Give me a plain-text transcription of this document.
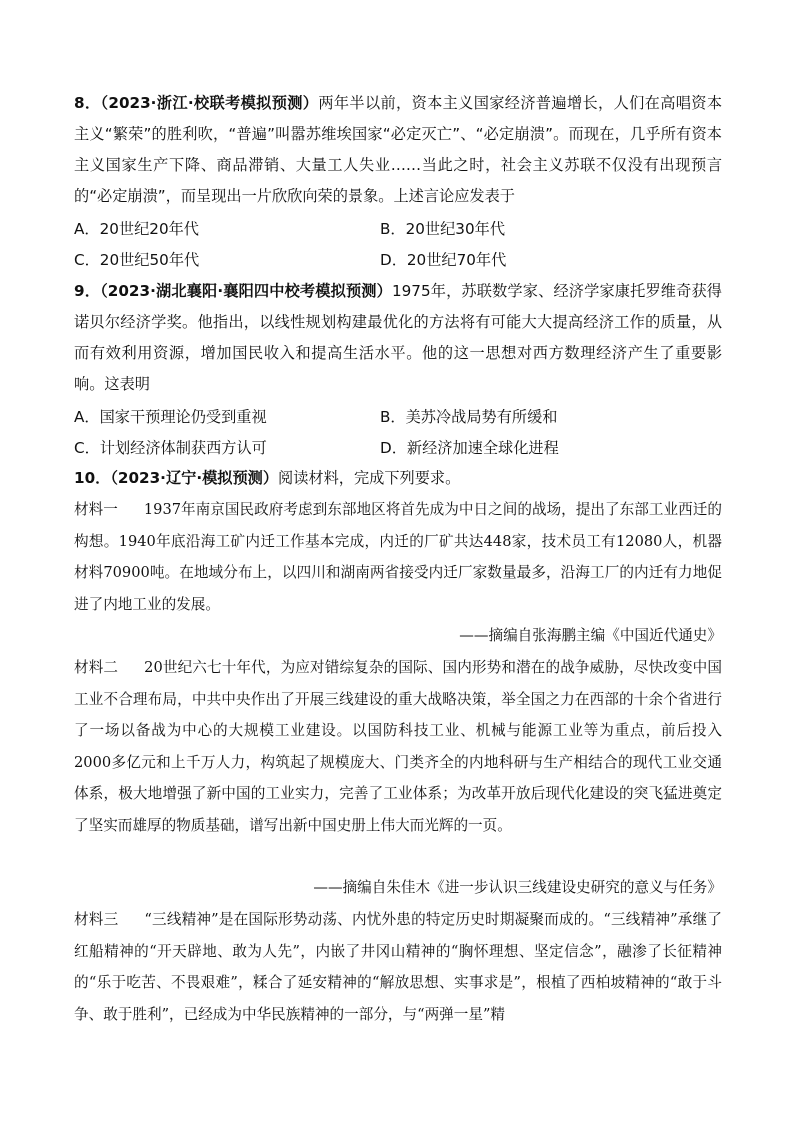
8．（2023·浙江·校联考模拟预测）两年半以前，资本主义国家经济普遍增长，人们在高唱资本主义“繁荣”的胜利吹，“普遍”叫嚣苏维埃国家“必定灭亡”、“必定崩溃”。而现在，几乎所有资本主义国家生产下降、商品滞销、大量工人失业……当此之时，社会主义苏联不仅没有出现预言的“必定崩溃”，而呈现出一片欣欣向荣的景象。上述言论应发表于
A．20世纪20年代	B．20世纪30年代
C．20世纪50年代	D．20世纪70年代
9．（2023·湖北襄阳·襄阳四中校考模拟预测）1975年，苏联数学家、经济学家康托罗维奇获得诺贝尔经济学奖。他指出，以线性规划构建最优化的方法将有可能大大提高经济工作的质量，从而有效利用资源，增加国民收入和提高生活水平。他的这一思想对西方数理经济产生了重要影响。这表明
A．国家干预理论仍受到重视	B．美苏冷战局势有所缓和
C．计划经济体制获西方认可	D．新经济加速全球化进程
10．（2023·辽宁·模拟预测）阅读材料，完成下列要求。
材料一 1937年南京国民政府考虑到东部地区将首先成为中日之间的战场，提出了东部工业西迁的构想。1940年底沿海工矿内迁工作基本完成，内迁的厂矿共达448家，技术员工有12080人，机器材料70900吨。在地域分布上，以四川和湖南两省接受内迁厂家数量最多，沿海工厂的内迁有力地促进了内地工业的发展。
——摘编自张海鹏主编《中国近代通史》
材料二 20世纪六七十年代，为应对错综复杂的国际、国内形势和潜在的战争威胁，尽快改变中国工业不合理布局，中共中央作出了开展三线建设的重大战略决策，举全国之力在西部的十余个省进行了一场以备战为中心的大规模工业建设。以国防科技工业、机械与能源工业等为重点，前后投入2000多亿元和上千万人力，构筑起了规模庞大、门类齐全的内地科研与生产相结合的现代工业交通体系，极大地增强了新中国的工业实力，完善了工业体系；为改革开放后现代化建设的突飞猛进奠定了坚实而雄厚的物质基础，谱写出新中国史册上伟大而光辉的一页。
——摘编自朱佳木《进一步认识三线建设史研究的意义与任务》
材料三 “三线精神”是在国际形势动荡、内忧外患的特定历史时期凝聚而成的。“三线精神”承继了红船精神的“开天辟地、敢为人先”，内嵌了井冈山精神的“胸怀理想、坚定信念”，融渗了长征精神的“乐于吃苦、不畏艰难”，糅合了延安精神的“解放思想、实事求是”，根植了西柏坡精神的“敢于斗争、敢于胜利”，已经成为中华民族精神的一部分，与“两弹一星”精
